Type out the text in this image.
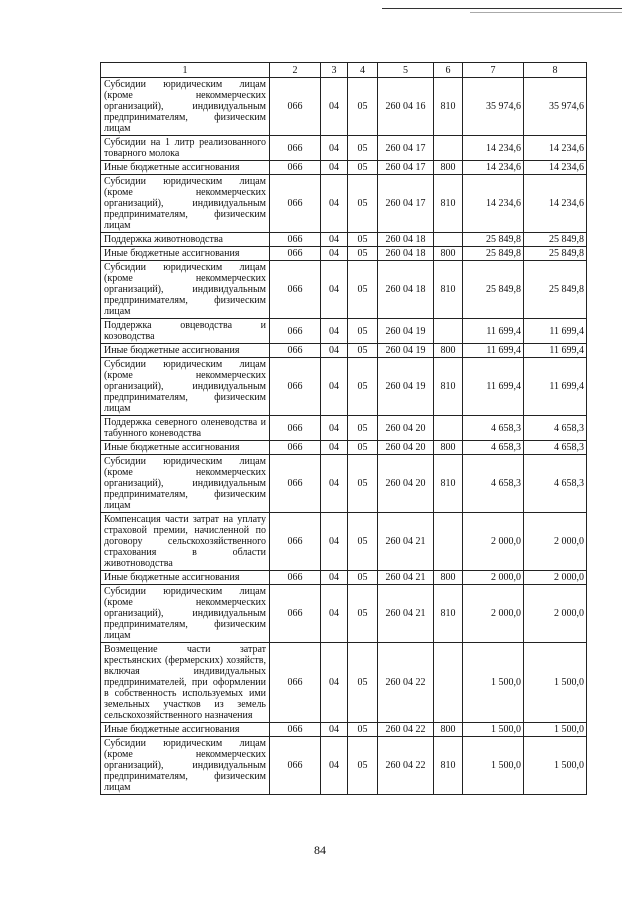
1	2	3	4	5	6	7	8
Субсидии юридическим лицам (кроме некоммерческих организаций), индивидуальным предпринимателям, физическим лицам	066	04	05	260 04 16	810	35 974,6	35 974,6
Субсидии на 1 литр реализованного товарного молока	066	04	05	260 04 17		14 234,6	14 234,6
Иные бюджетные ассигнования	066	04	05	260 04 17	800	14 234,6	14 234,6
Субсидии юридическим лицам (кроме некоммерческих организаций), индивидуальным предпринимателям, физическим лицам	066	04	05	260 04 17	810	14 234,6	14 234,6
Поддержка животноводства	066	04	05	260 04 18		25 849,8	25 849,8
Иные бюджетные ассигнования	066	04	05	260 04 18	800	25 849,8	25 849,8
Субсидии юридическим лицам (кроме некоммерческих организаций), индивидуальным предпринимателям, физическим лицам	066	04	05	260 04 18	810	25 849,8	25 849,8
Поддержка овцеводства и козоводства	066	04	05	260 04 19		11 699,4	11 699,4
Иные бюджетные ассигнования	066	04	05	260 04 19	800	11 699,4	11 699,4
Субсидии юридическим лицам (кроме некоммерческих организаций), индивидуальным предпринимателям, физическим лицам	066	04	05	260 04 19	810	11 699,4	11 699,4
Поддержка северного оленеводства и табунного коневодства	066	04	05	260 04 20		4 658,3	4 658,3
Иные бюджетные ассигнования	066	04	05	260 04 20	800	4 658,3	4 658,3
Субсидии юридическим лицам (кроме некоммерческих организаций), индивидуальным предпринимателям, физическим лицам	066	04	05	260 04 20	810	4 658,3	4 658,3
Компенсация части затрат на уплату страховой премии, начисленной по договору сельскохозяйственного страхования в области животноводства	066	04	05	260 04 21		2 000,0	2 000,0
Иные бюджетные ассигнования	066	04	05	260 04 21	800	2 000,0	2 000,0
Субсидии юридическим лицам (кроме некоммерческих организаций), индивидуальным предпринимателям, физическим лицам	066	04	05	260 04 21	810	2 000,0	2 000,0
Возмещение части затрат крестьянских (фермерских) хозяйств, включая индивидуальных предпринимателей, при оформлении в собственность используемых ими земельных участков из земель сельскохозяйственного назначения	066	04	05	260 04 22		1 500,0	1 500,0
Иные бюджетные ассигнования	066	04	05	260 04 22	800	1 500,0	1 500,0
Субсидии юридическим лицам (кроме некоммерческих организаций), индивидуальным предпринимателям, физическим лицам	066	04	05	260 04 22	810	1 500,0	1 500,0
84
